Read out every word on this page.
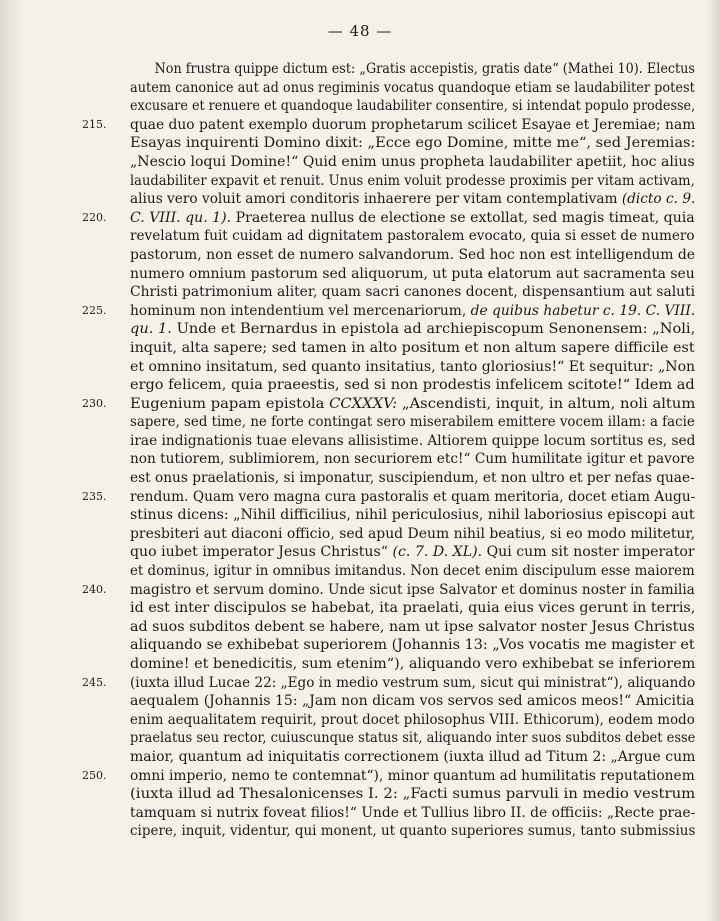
— 48 —
Non frustra quippe dictum est: „Gratis accepistis, gratis date“ (Mathei 10). Electus
autem canonice aut ad onus regiminis vocatus quandoque etiam se laudabiliter potest
excusare et renuere et quandoque laudabiliter consentire, si intendat populo prodesse,
215.	quae duo patent exemplo duorum prophetarum scilicet Esayae et Jeremiae; nam
Esayas inquirenti Domino dixit: „Ecce ego Domine, mitte me“, sed Jeremias:
„Nescio loqui Domine!“ Quid enim unus propheta laudabiliter apetiit, hoc alius
laudabiliter expavit et renuit. Unus enim voluit prodesse proximis per vitam activam,
alius vero voluit amori conditoris inhaerere per vitam contemplativam (dicto c. 9.
220.	C. VIII. qu. 1). Praeterea nullus de electione se extollat, sed magis timeat, quia
revelatum fuit cuidam ad dignitatem pastoralem evocato, quia si esset de numero
pastorum, non esset de numero salvandorum. Sed hoc non est intelligendum de
numero omnium pastorum sed aliquorum, ut puta elatorum aut sacramenta seu
Christi patrimonium aliter, quam sacri canones docent, dispensantium aut saluti
225.	hominum non intendentium vel mercenariorum, de quibus habetur c. 19. C. VIII.
qu. 1. Unde et Bernardus in epistola ad archiepiscopum Senonensem: „Noli,
inquit, alta sapere; sed tamen in alto positum et non altum sapere difficile est
et omnino insitatum, sed quanto insitatius, tanto gloriosius!“ Et sequitur: „Non
ergo felicem, quia praeestis, sed si non prodestis infelicem scitote!“ Idem ad
230.	Eugenium papam epistola CCXXXV: „Ascendisti, inquit, in altum, noli altum
sapere, sed time, ne forte contingat sero miserabilem emittere vocem illam: a facie
irae indignationis tuae elevans allisistime. Altiorem quippe locum sortitus es, sed
non tutiorem, sublimiorem, non securiorem etc!“ Cum humilitate igitur et pavore
est onus praelationis, si imponatur, suscipiendum, et non ultro et per nefas quae-
235.	rendum. Quam vero magna cura pastoralis et quam meritoria, docet etiam Augu-
stinus dicens: „Nihil difficilius, nihil periculosius, nihil laboriosius episcopi aut
presbiteri aut diaconi officio, sed apud Deum nihil beatius, si eo modo militetur,
quo iubet imperator Jesus Christus“ (c. 7. D. XL). Qui cum sit noster imperator
et dominus, igitur in omnibus imitandus. Non decet enim discipulum esse maiorem
240.	magistro et servum domino. Unde sicut ipse Salvator et dominus noster in familia
id est inter discipulos se habebat, ita praelati, quia eius vices gerunt in terris,
ad suos subditos debent se habere, nam ut ipse salvator noster Jesus Christus
aliquando se exhibebat superiorem (Johannis 13: „Vos vocatis me magister et
domine! et benedicitis, sum etenim“), aliquando vero exhibebat se inferiorem
245.	(iuxta illud Lucae 22: „Ego in medio vestrum sum, sicut qui ministrat“), aliquando
aequalem (Johannis 15: „Jam non dicam vos servos sed amicos meos!“ Amicitia
enim aequalitatem requirit, prout docet philosophus VIII. Ethicorum), eodem modo
praelatus seu rector, cuiuscunque status sit, aliquando inter suos subditos debet esse
maior, quantum ad iniquitatis correctionem (iuxta illud ad Titum 2: „Argue cum
250.	omni imperio, nemo te contemnat“), minor quantum ad humilitatis reputationem
(iuxta illud ad Thesalonicenses I. 2: „Facti sumus parvuli in medio vestrum
tamquam si nutrix foveat filios!“ Unde et Tullius libro II. de officiis: „Recte prae-
cipere, inquit, videntur, qui monent, ut quanto superiores sumus, tanto submissius
